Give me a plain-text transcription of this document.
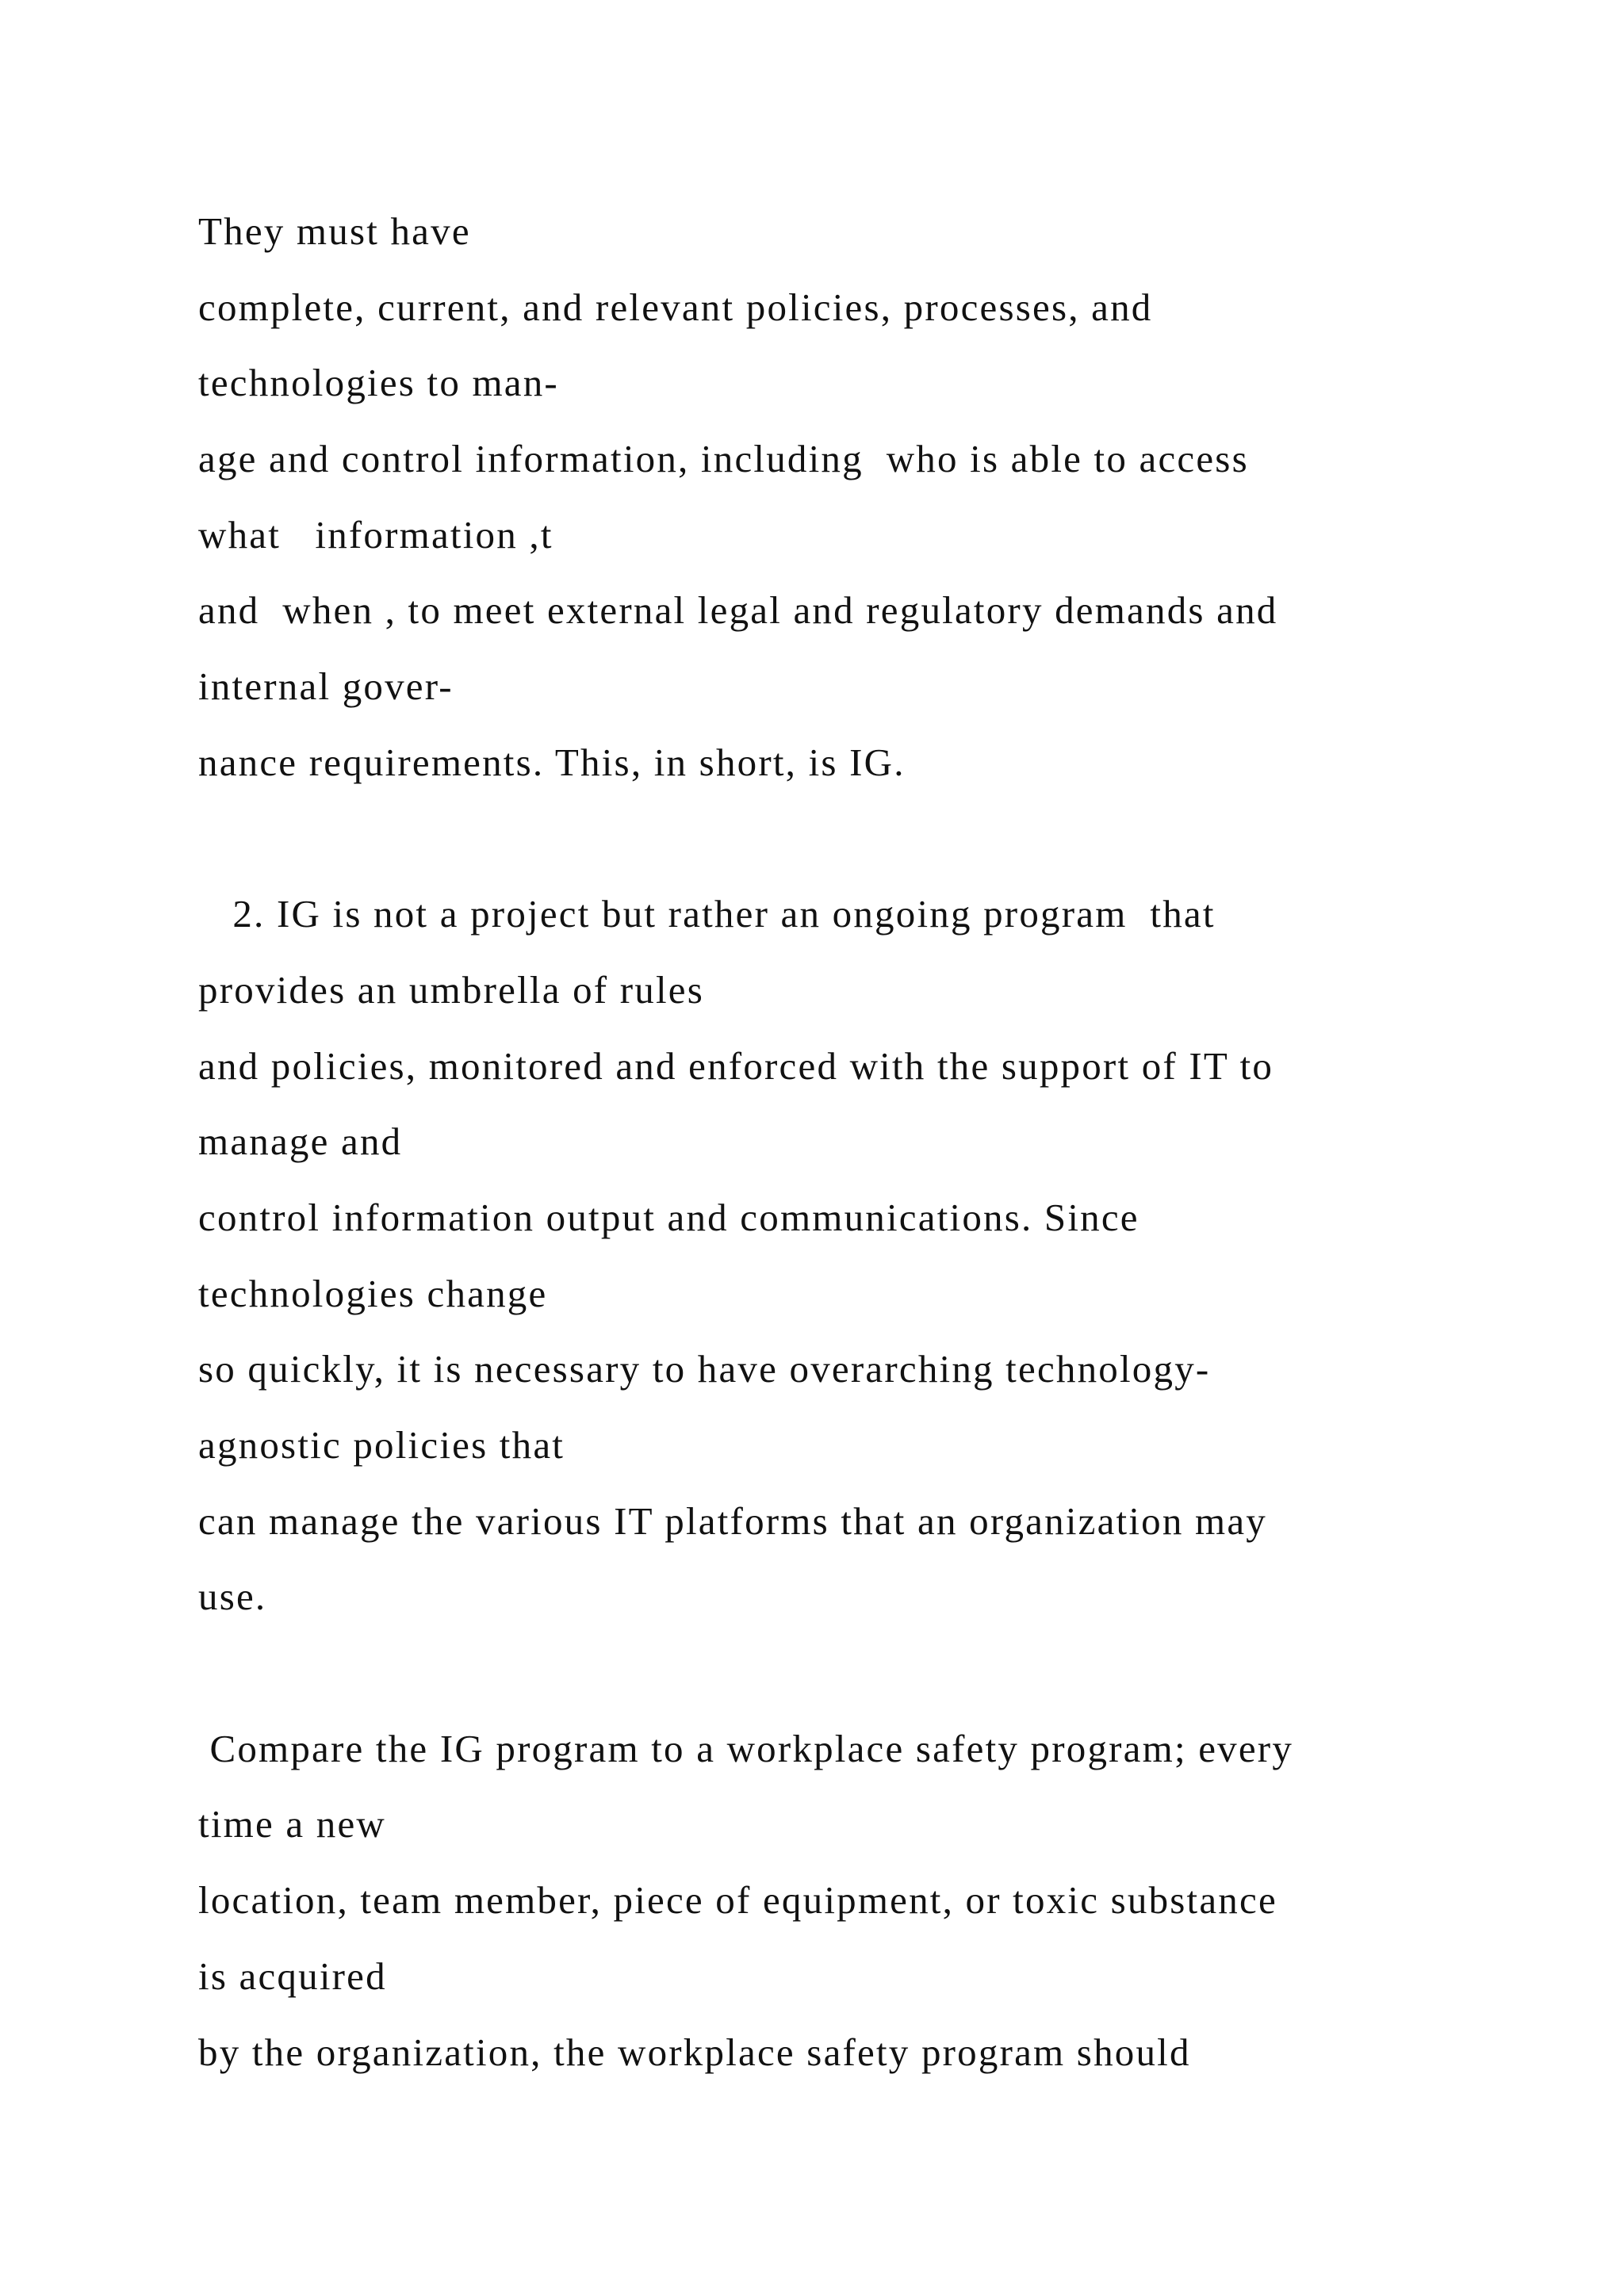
They must have
complete, current, and relevant policies, processes, and
technologies to man-
age and control information, including  who is able to access
what   information ,t
and  when , to meet external legal and regulatory demands and
internal gover-
nance requirements. This, in short, is IG.
2. IG is not a project but rather an ongoing program  that
provides an umbrella of rules
and policies, monitored and enforced with the support of IT to
manage and
control information output and communications. Since
technologies change
so quickly, it is necessary to have overarching technology-
agnostic policies that
can manage the various IT platforms that an organization may
use.
Compare the IG program to a workplace safety program; every
time a new
location, team member, piece of equipment, or toxic substance
is acquired
by the organization, the workplace safety program should
